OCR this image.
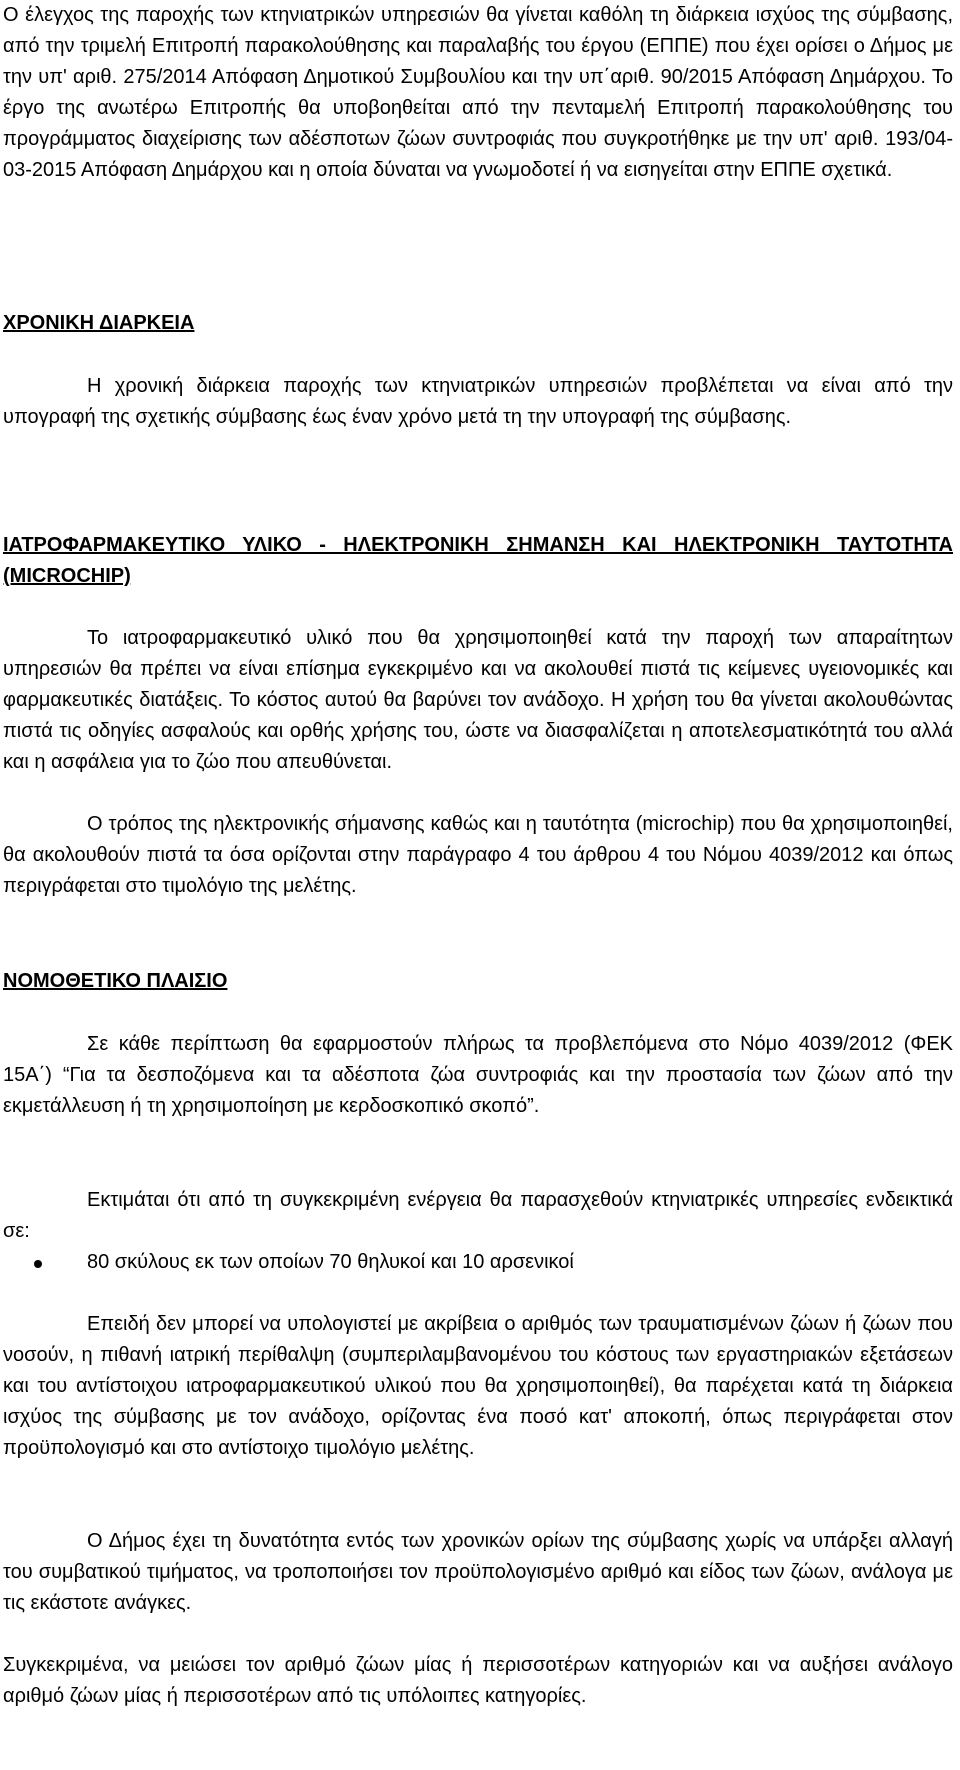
Ο έλεγχος της παροχής των κτηνιατρικών υπηρεσιών θα γίνεται καθόλη τη διάρκεια ισχύος της σύμβασης, από την τριμελή Επιτροπή παρακολούθησης και παραλαβής του έργου (ΕΠΠΕ) που έχει ορίσει ο Δήμος με την υπ' αριθ. 275/2014 Απόφαση Δημοτικού Συμβουλίου και την υπ΄αριθ. 90/2015 Απόφαση Δημάρχου. Το έργο της ανωτέρω Επιτροπής θα υποβοηθείται από την πενταμελή Επιτροπή παρακολούθησης του προγράμματος διαχείρισης των αδέσποτων ζώων συντροφιάς που συγκροτήθηκε με την υπ' αριθ. 193/04-03-2015 Απόφαση Δημάρχου και η οποία δύναται να γνωμοδοτεί ή να εισηγείται στην ΕΠΠΕ σχετικά.

ΧΡΟΝΙΚΗ ΔΙΑΡΚΕΙΑ

Η χρονική διάρκεια παροχής των κτηνιατρικών υπηρεσιών προβλέπεται να είναι από την υπογραφή της σχετικής σύμβασης έως έναν χρόνο μετά τη την υπογραφή της σύμβασης.

ΙΑΤΡΟΦΑΡΜΑΚΕΥΤΙΚΟ ΥΛΙΚΟ - ΗΛΕΚΤΡΟΝΙΚΗ ΣΗΜΑΝΣΗ ΚΑΙ ΗΛΕΚΤΡΟΝΙΚΗ ΤΑΥΤΟΤΗΤΑ (MICROCHIP)

Το ιατροφαρμακευτικό υλικό που θα χρησιμοποιηθεί κατά την παροχή των απαραίτητων υπηρεσιών θα πρέπει να είναι επίσημα εγκεκριμένο και να ακολουθεί πιστά τις κείμενες υγειονομικές και φαρμακευτικές διατάξεις. Το κόστος αυτού θα βαρύνει τον ανάδοχο. Η χρήση του θα γίνεται ακολουθώντας πιστά τις οδηγίες ασφαλούς και ορθής χρήσης του, ώστε να διασφαλίζεται η αποτελεσματικότητά του αλλά και η ασφάλεια για το ζώο που απευθύνεται.

Ο τρόπος της ηλεκτρονικής σήμανσης καθώς και η ταυτότητα (microchip) που θα χρησιμοποιηθεί, θα ακολουθούν πιστά τα όσα ορίζονται στην παράγραφο 4 του άρθρου 4 του Νόμου 4039/2012 και όπως περιγράφεται στο τιμολόγιο της μελέτης.

ΝΟΜΟΘΕΤΙΚΟ ΠΛΑΙΣΙΟ

Σε κάθε περίπτωση θα εφαρμοστούν πλήρως τα προβλεπόμενα στο Νόμο 4039/2012 (ΦΕΚ 15Α΄) “Για τα δεσποζόμενα και τα αδέσποτα ζώα συντροφιάς και την προστασία των ζώων από την εκμετάλλευση ή τη χρησιμοποίηση με κερδοσκοπικό σκοπό”.

Εκτιμάται ότι από τη συγκεκριμένη ενέργεια θα παρασχεθούν κτηνιατρικές υπηρεσίες ενδεικτικά σε:

80 σκύλους εκ των οποίων 70 θηλυκοί και 10 αρσενικοί

Επειδή δεν μπορεί να υπολογιστεί με ακρίβεια ο αριθμός των τραυματισμένων ζώων ή ζώων που νοσούν, η πιθανή ιατρική περίθαλψη (συμπεριλαμβανομένου του κόστους των εργαστηριακών εξετάσεων και του αντίστοιχου ιατροφαρμακευτικού υλικού που θα χρησιμοποιηθεί), θα παρέχεται κατά τη διάρκεια ισχύος της σύμβασης με τον ανάδοχο, ορίζοντας ένα ποσό κατ' αποκοπή, όπως περιγράφεται στον προϋπολογισμό και στο αντίστοιχο τιμολόγιο μελέτης.

Ο Δήμος έχει τη δυνατότητα εντός των χρονικών ορίων της σύμβασης χωρίς να υπάρξει αλλαγή του συμβατικού τιμήματος, να τροποποιήσει τον προϋπολογισμένο αριθμό και είδος των ζώων, ανάλογα με τις εκάστοτε ανάγκες.

Συγκεκριμένα, να μειώσει τον αριθμό ζώων μίας ή περισσοτέρων κατηγοριών και να αυξήσει ανάλογο αριθμό ζώων μίας ή περισσοτέρων από τις υπόλοιπες κατηγορίες.
